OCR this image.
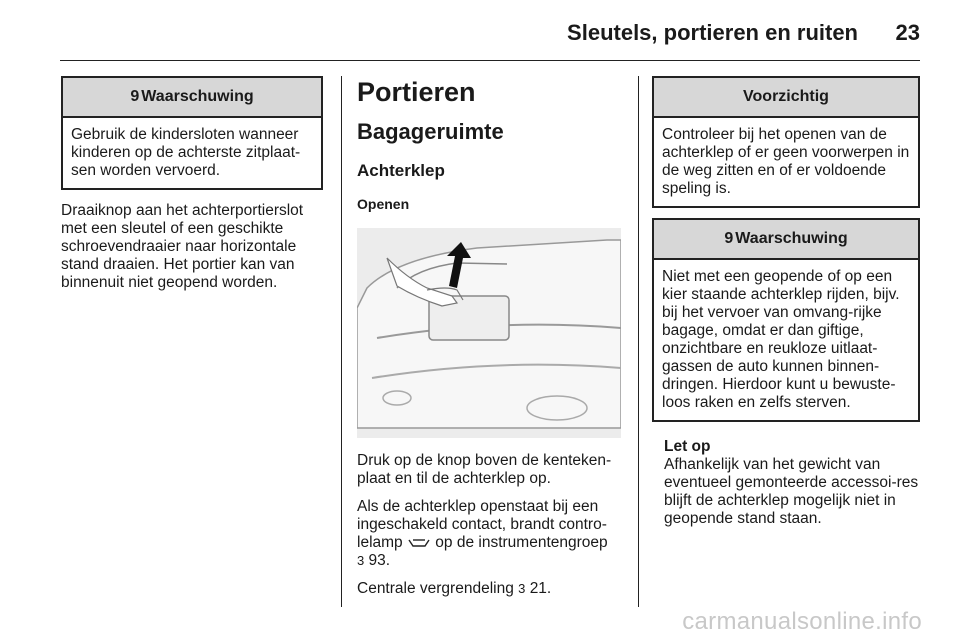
Sleutels, portieren en ruiten 23
9 Waarschuwing
Gebruik de kindersloten wanneer kinderen op de achterste zitplaat-sen worden vervoerd.

Draaiknop aan het achterportierslot met een sleutel of een geschikte schroevendraaier naar horizontale stand draaien. Het portier kan van binnenuit niet geopend worden.

Portieren
Bagageruimte
Achterklep
Openen

Druk op de knop boven de kenteken-plaat en til de achterklep op.

Als de achterklep openstaat bij een ingeschakeld contact, brandt contro-lelamp op de instrumentengroep
3 93.

Centrale vergrendeling 3 21.

Voorzichtig
Controleer bij het openen van de achterklep of er geen voorwerpen in de weg zitten en of er voldoende speling is.
9 Waarschuwing
Niet met een geopende of op een kier staande achterklep rijden, bijv. bij het vervoer van omvang-rijke bagage, omdat er dan giftige, onzichtbare en reukloze uitlaat-gassen de auto kunnen binnen-dringen. Hierdoor kunt u bewuste-loos raken en zelfs sterven.
Let op
Afhankelijk van het gewicht van eventueel gemonteerde accessoi-res blijft de achterklep mogelijk niet in geopende stand staan.
carmanualsonline.info
